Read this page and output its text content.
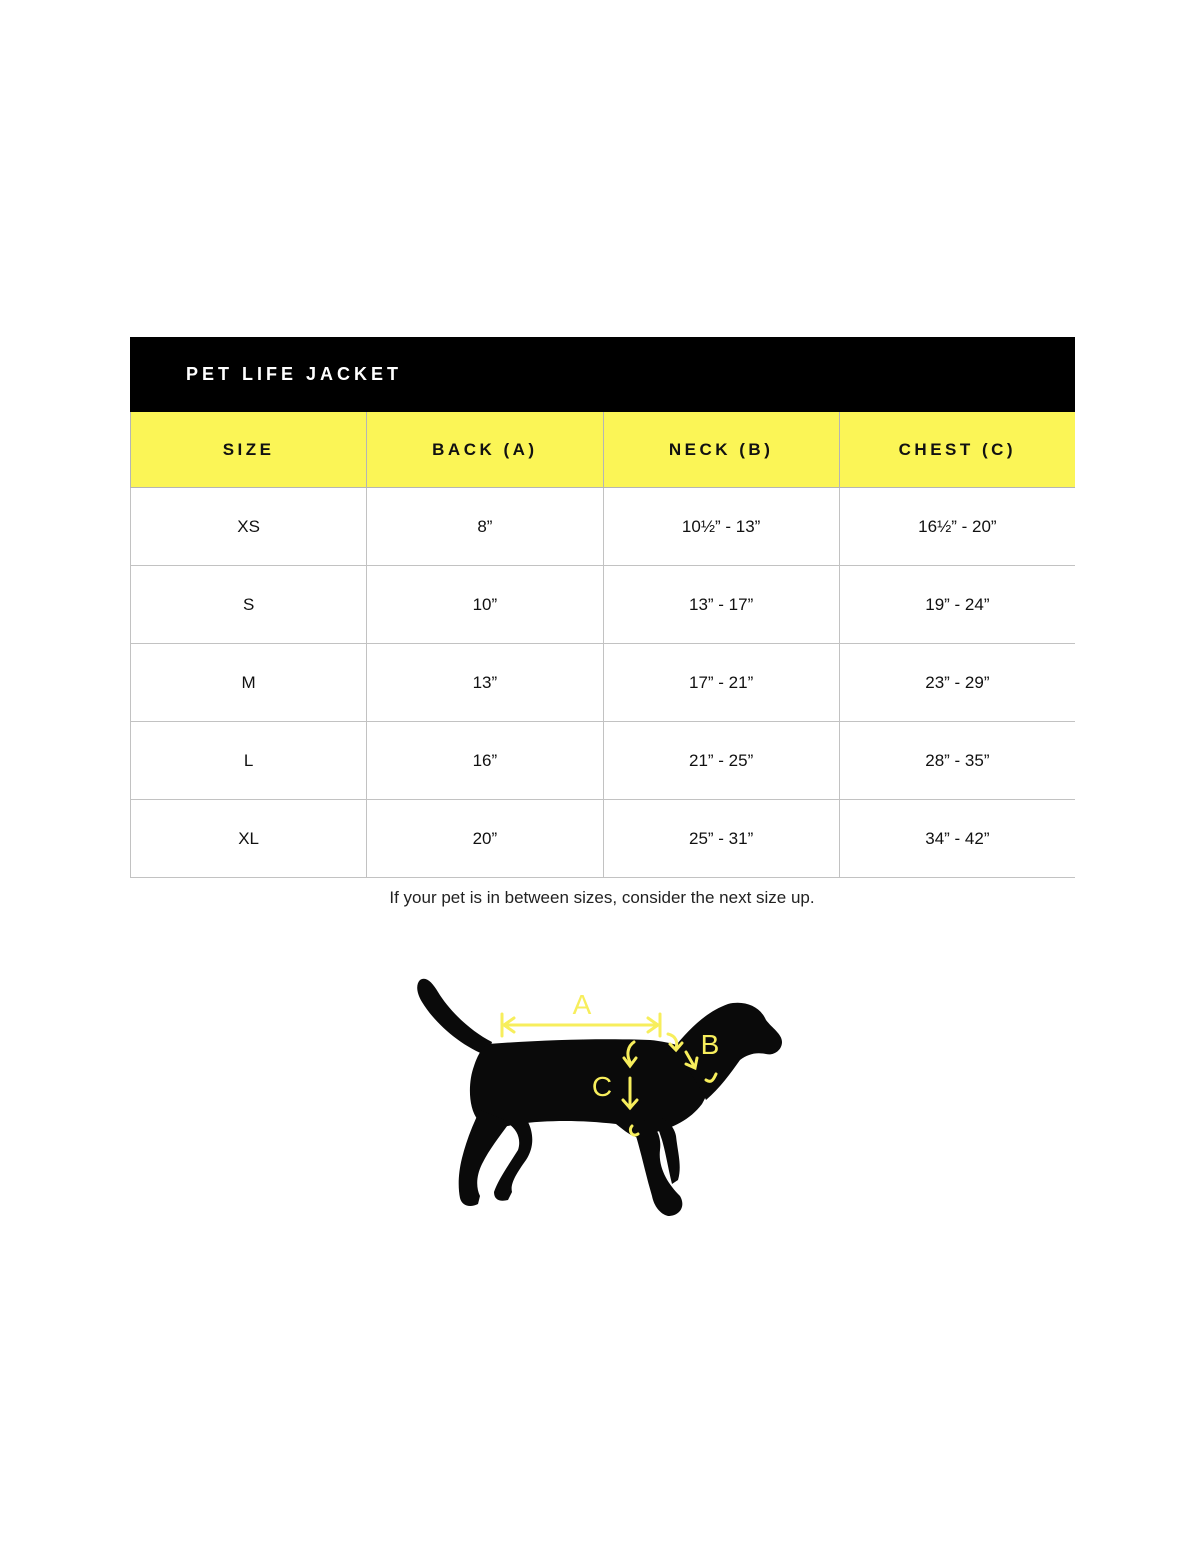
PET LIFE JACKET
SIZE	BACK (A)	NECK (B)	CHEST (C)
XS	8”	10½” - 13”	16½” - 20”
S	10”	13” - 17”	19” - 24”
M	13”	17” - 21”	23” - 29”
L	16”	21” - 25”	28” - 35”
XL	20”	25” - 31”	34” - 42”
If your pet is in between sizes, consider the next size up.
A
B
C
